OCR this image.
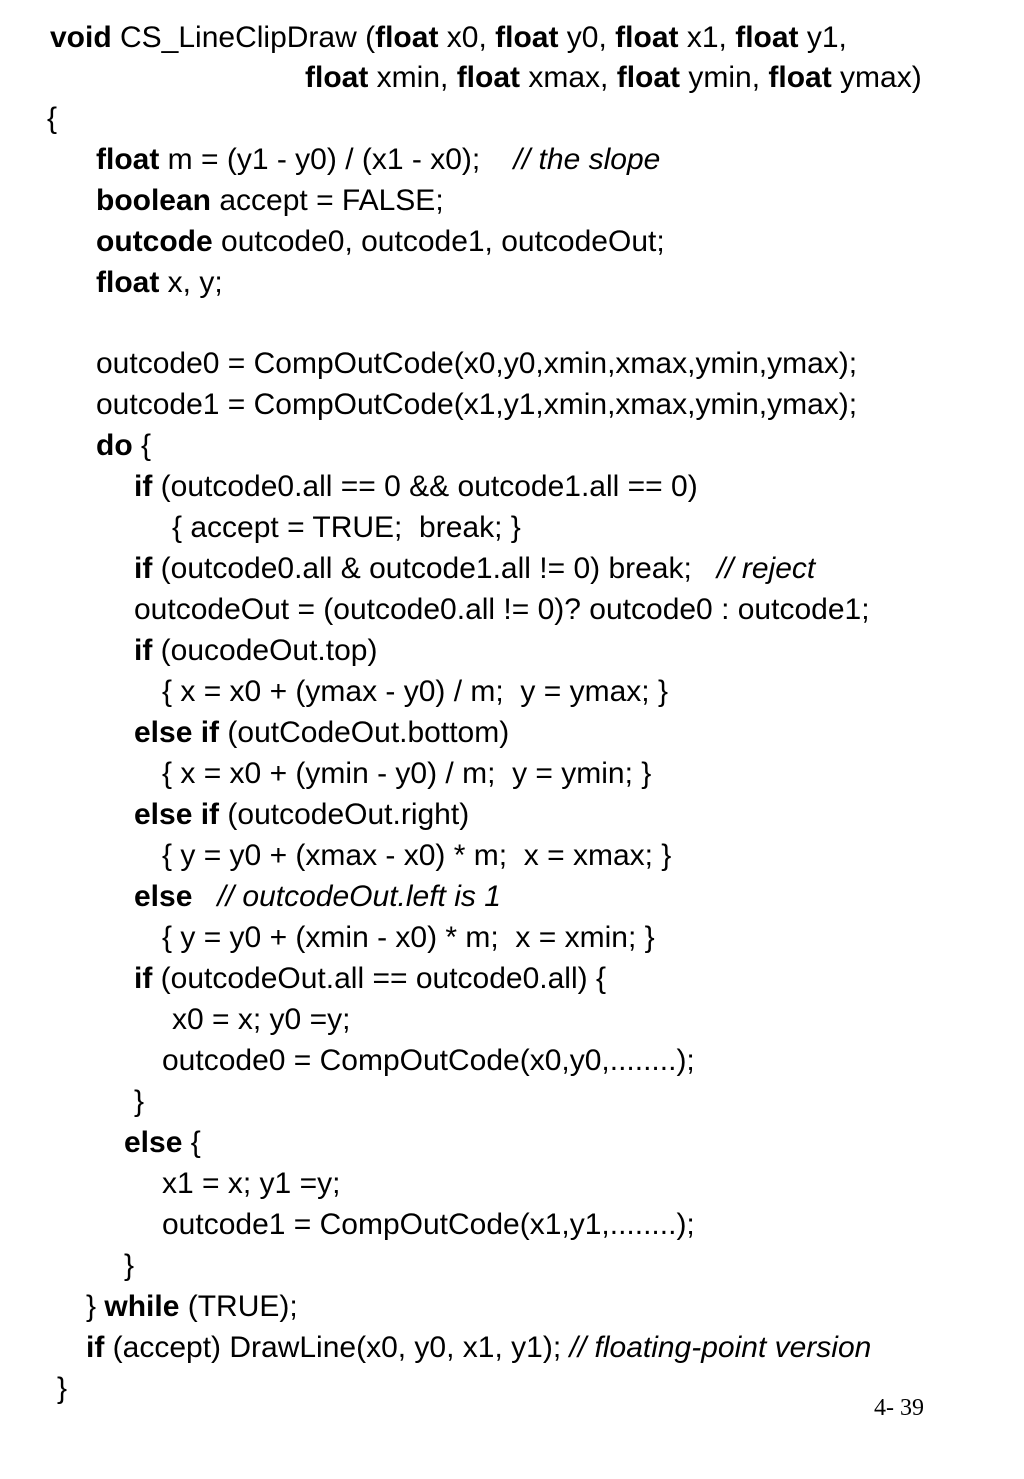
void CS_LineClipDraw (float x0, float y0, float x1, float y1,
float xmin, float xmax, float ymin, float ymax)
{
float m = (y1 - y0) / (x1 - x0);    // the slope
boolean accept = FALSE;
outcode outcode0, outcode1, outcodeOut;
float x, y;
outcode0 = CompOutCode(x0,y0,xmin,xmax,ymin,ymax);
outcode1 = CompOutCode(x1,y1,xmin,xmax,ymin,ymax);
do {
if (outcode0.all == 0 && outcode1.all == 0)
{ accept = TRUE;  break; }
if (outcode0.all & outcode1.all != 0) break;   // reject
outcodeOut = (outcode0.all != 0)? outcode0 : outcode1;
if (oucodeOut.top)
{ x = x0 + (ymax - y0) / m;  y = ymax; }
else if (outCodeOut.bottom)
{ x = x0 + (ymin - y0) / m;  y = ymin; }
else if (outcodeOut.right)
{ y = y0 + (xmax - x0) * m;  x = xmax; }
else // outcodeOut.left is 1
{ y = y0 + (xmin - x0) * m;  x = xmin; }
if (outcodeOut.all == outcode0.all) {
x0 = x; y0 =y;
outcode0 = CompOutCode(x0,y0,........);
}
else {
x1 = x; y1 =y;
outcode1 = CompOutCode(x1,y1,........);
}
} while (TRUE);
if (accept) DrawLine(x0, y0, x1, y1); // floating-point version
}
4- 39
